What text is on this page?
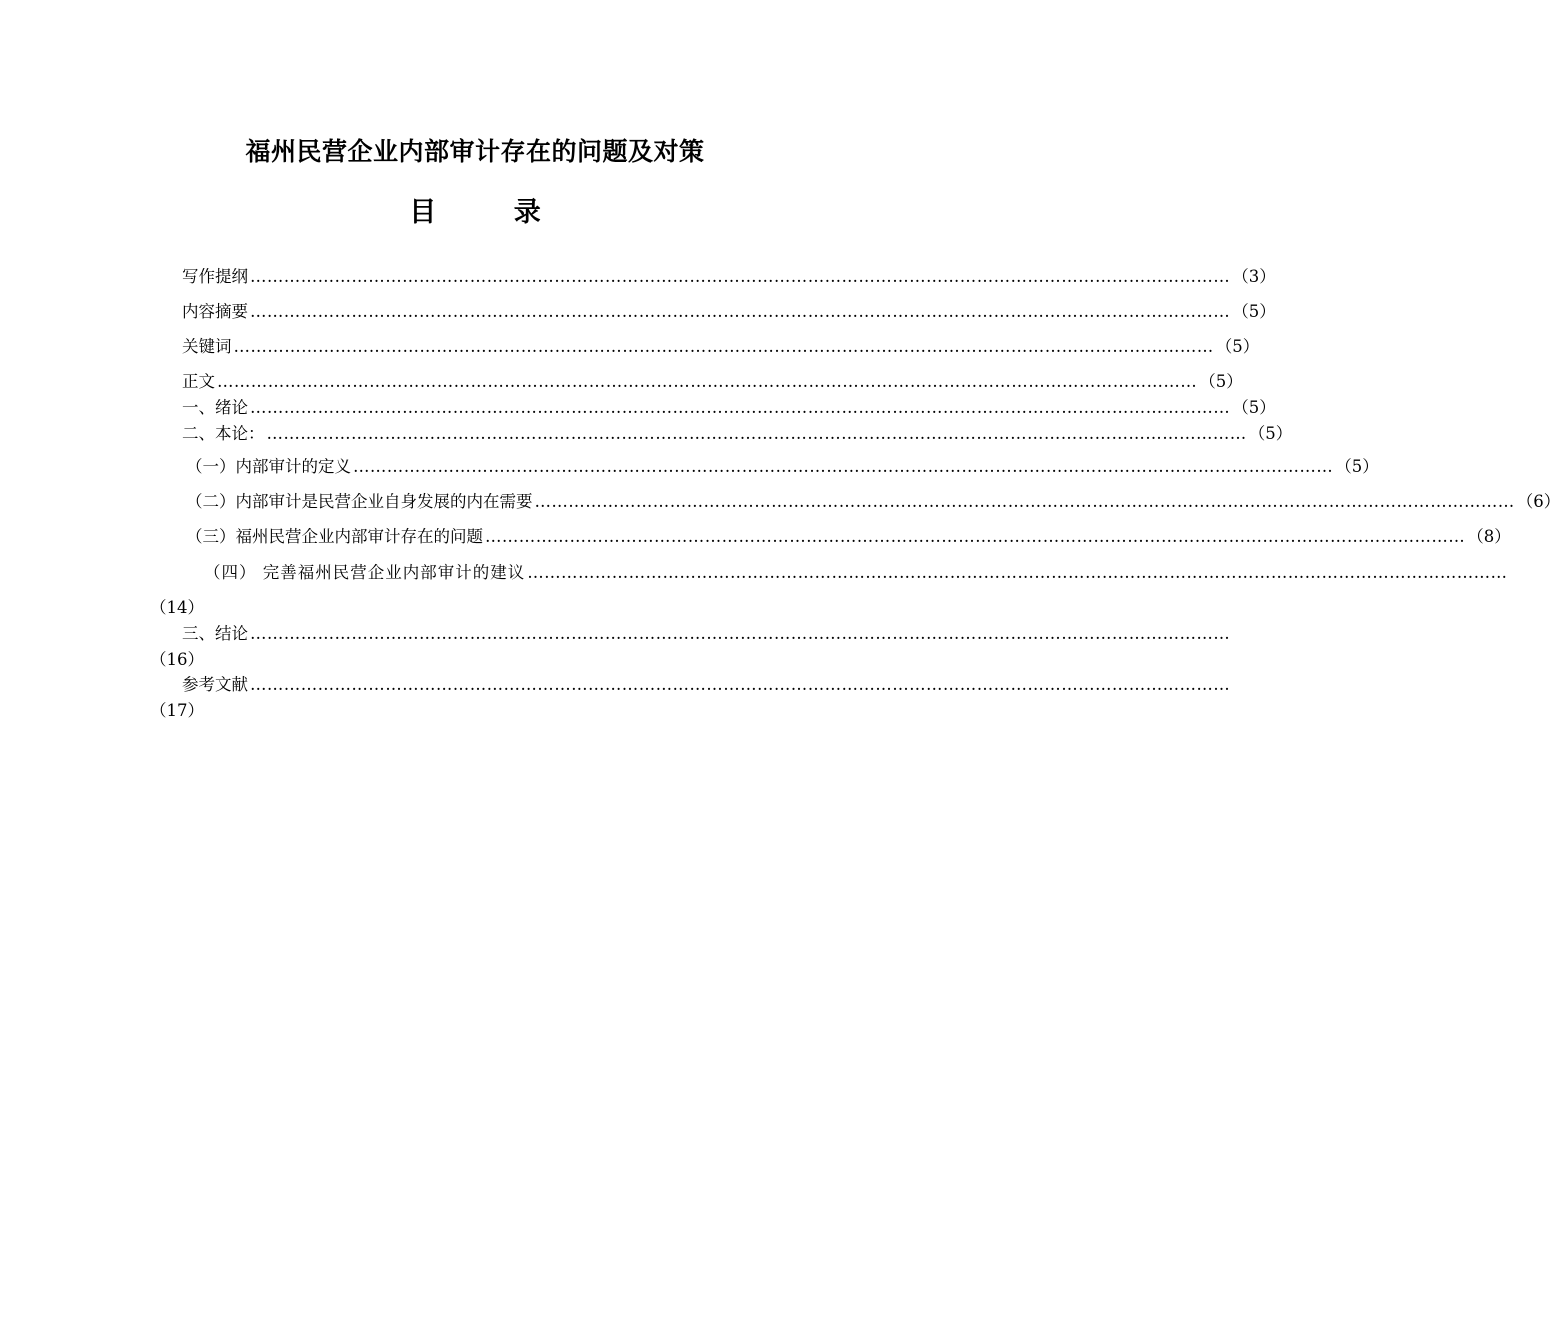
福州民营企业内部审计存在的问题及对策
目 录
写作提纲 ………………………………………………………………………………………………………………………………………………………… （3）
内容摘要 ………………………………………………………………………………………………………………………………………………………… （5）
关键词 ………………………………………………………………………………………………………………………………………………………… （5）
正文 ………………………………………………………………………………………………………………………………………………………… （5）
一、绪论 ………………………………………………………………………………………………………………………………………………………… （5）
二、本论： ………………………………………………………………………………………………………………………………………………………… （5）
（一）内部审计的定义 ………………………………………………………………………………………………………………………………………………………… （5）
（二）内部审计是民营企业自身发展的内在需要 ………………………………………………………………………………………………………………………………………………………… （6）
（三）福州民营企业内部审计存在的问题 ………………………………………………………………………………………………………………………………………………………… （8）
（四） 完善福州民营企业内部审计的建议 …………………………………………………………………………………………………………………………………………………………
（14）
三、结论 …………………………………………………………………………………………………………………………………………………………
（16）
参考文献 …………………………………………………………………………………………………………………………………………………………
（17）
